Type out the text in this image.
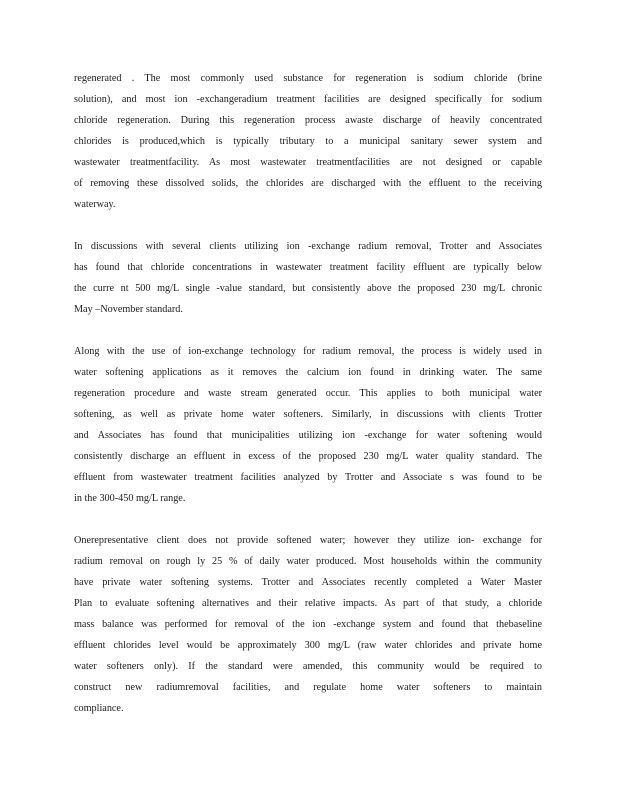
regenerated . The most commonly used substance for regeneration is sodium chloride (brine
solution), and most ion -exchangeradium treatment facilities are designed specifically for sodium
chloride regeneration. During this regeneration process awaste discharge of heavily concentrated
chlorides is produced,which is typically tributary to a municipal sanitary sewer system and
wastewater treatmentfacility. As most wastewater treatmentfacilities are not designed or capable
of removing these dissolved solids, the chlorides are discharged with the effluent to the receiving
waterway.
In discussions with several clients utilizing ion -exchange radium removal, Trotter and Associates
has found that chloride concentrations in wastewater treatment facility effluent are typically below
the curre nt 500 mg/L single -value standard, but consistently above the proposed 230 mg/L chronic
May –November standard.
Along with the use of ion-exchange technology for radium removal, the process is widely used in
water softening applications as it removes the calcium ion found in drinking water. The same
regeneration procedure and waste stream generated occur. This applies to both municipal water
softening, as well as private home water softeners. Similarly, in discussions with clients Trotter
and Associates has found that municipalities utilizing ion -exchange for water softening would
consistently discharge an effluent in excess of the proposed 230 mg/L water quality standard. The
effluent from wastewater treatment facilities analyzed by Trotter and Associate s was found to be
in the 300-450 mg/L range.
Onerepresentative client does not provide softened water; however they utilize ion- exchange for
radium removal on rough ly 25 % of daily water produced. Most households within the community
have private water softening systems. Trotter and Associates recently completed a Water Master
Plan to evaluate softening alternatives and their relative impacts. As part of that study, a chloride
mass balance was performed for removal of the ion -exchange system and found that thebaseline
effluent chlorides level would be approximately 300 mg/L (raw water chlorides and private home
water softeners only). If the standard were amended, this community would be required to
construct new radiumremoval facilities, and regulate home water softeners to maintain
compliance.
